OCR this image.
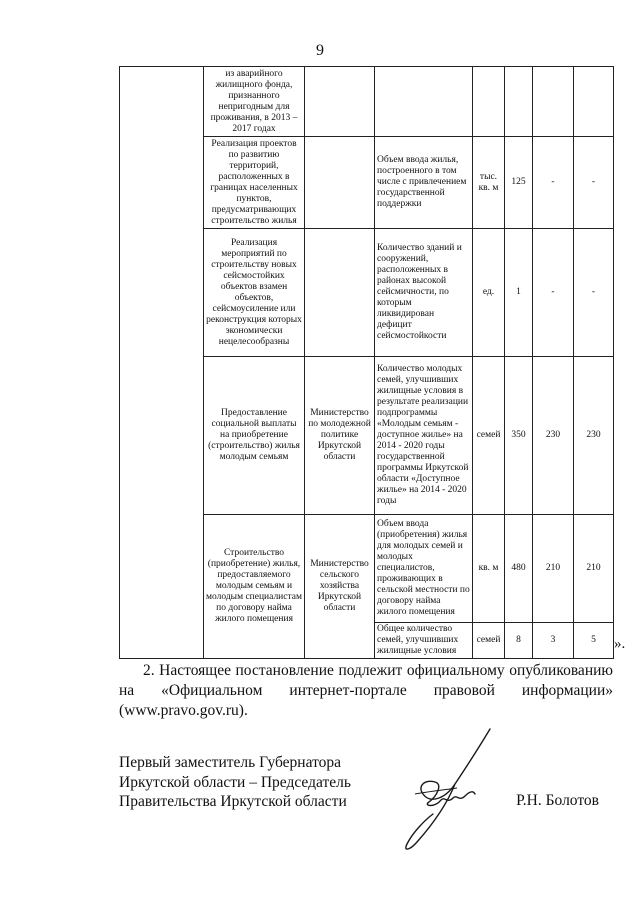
9
	из аварийного жилищного фонда, признанного непригодным для проживания, в 2013 – 2017 годах						
	Реализация проектов по развитию территорий, расположенных в границах населенных пунктов, предусматривающих строительство жилья		Объем ввода жилья, построенного в том числе с привлечением государственной поддержки	тыс. кв. м	125	-	-
	Реализация мероприятий по строительству новых сейсмостойких объектов взамен объектов, сейсмоусиление или реконструкция которых экономически нецелесообразны		Количество зданий и сооружений, расположенных в районах высокой сейсмичности, по которым ликвидирован дефицит сейсмостойкости	ед.	1	-	-
	Предоставление социальной выплаты на приобретение (строительство) жилья молодым семьям	Министерство по молодежной политике Иркутской области	Количество молодых семей, улучшивших жилищные условия в результате реализации подпрограммы «Молодым семьям - доступное жилье» на 2014 - 2020 годы государственной программы Иркутской области «Доступное жилье» на 2014 - 2020 годы	семей	350	230	230
	Строительство (приобретение) жилья, предоставляемого молодым семьям и молодым специалистам по договору найма жилого помещения	Министерство сельского хозяйства Иркутской области	Объем ввода (приобретения) жилья для молодых семей и молодых специалистов, проживающих в сельской местности по договору найма жилого помещения	кв. м	480	210	210
			Общее количество семей, улучшивших жилищные условия	семей	8	3	5 ».
2. Настоящее постановление подлежит официальному опубликованию
на «Официальном интернет-портале правовой информации»
(www.pravo.gov.ru).
Первый заместитель Губернатора
Иркутской области – Председатель
Правительства Иркутской области	Р.Н. Болотов
